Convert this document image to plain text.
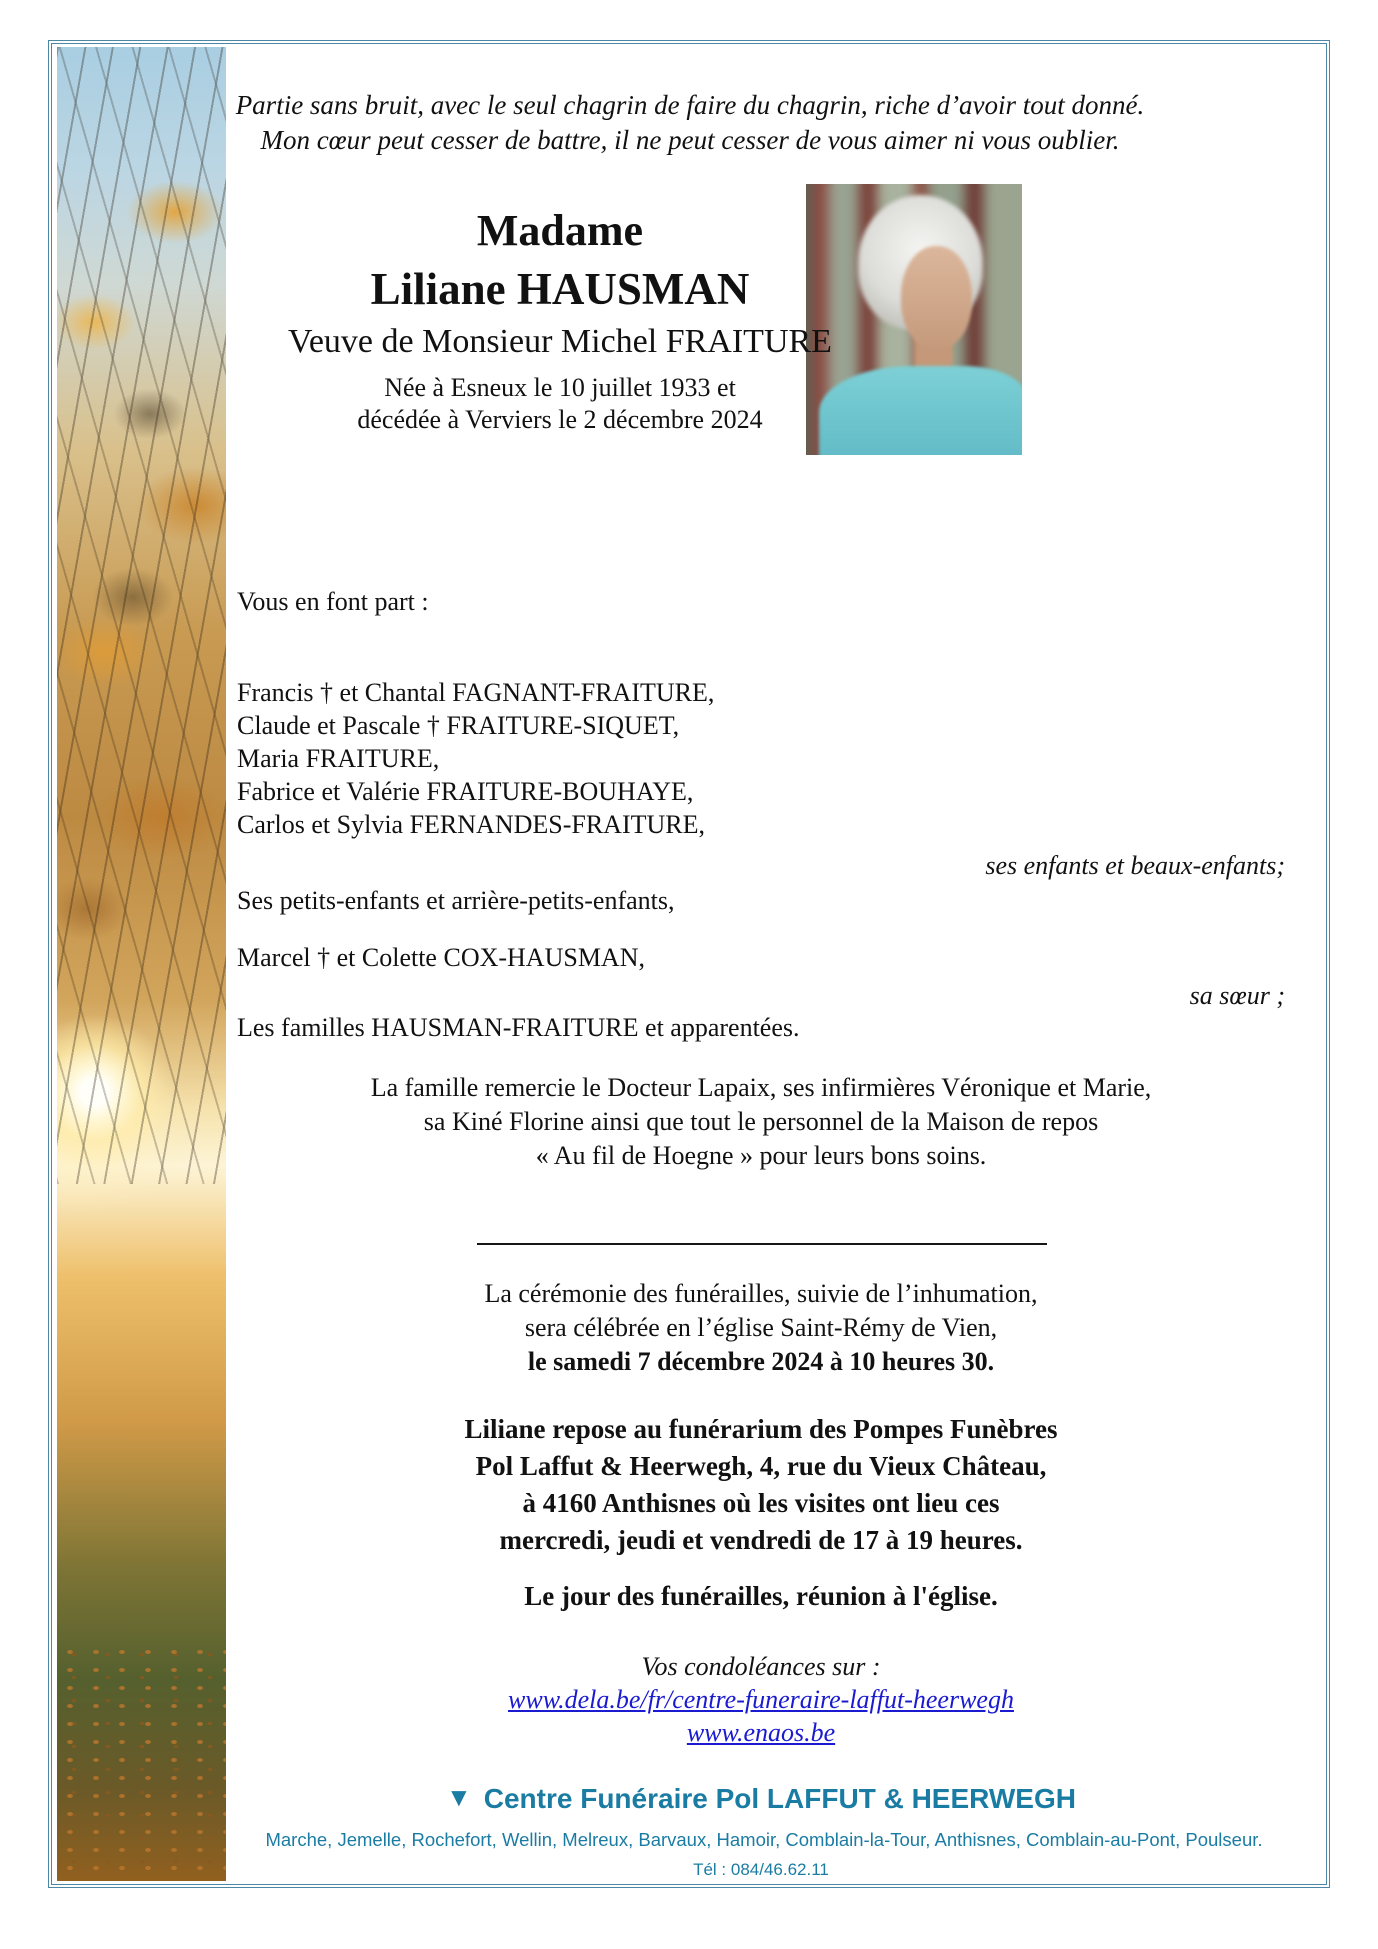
Partie sans bruit, avec le seul chagrin de faire du chagrin, riche d’avoir tout donné.
Mon cœur peut cesser de battre, il ne peut cesser de vous aimer ni vous oublier.
Madame
Liliane HAUSMAN
Veuve de Monsieur Michel FRAITURE
Née à Esneux le 10 juillet 1933 et
décédée à Verviers le 2 décembre 2024
Vous en font part :
Francis † et Chantal FAGNANT-FRAITURE,
Claude et Pascale † FRAITURE-SIQUET,
Maria FRAITURE,
Fabrice et Valérie FRAITURE-BOUHAYE,
Carlos et Sylvia FERNANDES-FRAITURE,
ses enfants et beaux-enfants;
Ses petits-enfants et arrière-petits-enfants,
Marcel † et Colette COX-HAUSMAN,
sa sœur ;
Les familles HAUSMAN-FRAITURE et apparentées.
La famille remercie le Docteur Lapaix, ses infirmières Véronique et Marie,
sa Kiné Florine ainsi que tout le personnel de la Maison de repos
« Au fil de Hoegne » pour leurs bons soins.
La cérémonie des funérailles, suivie de l’inhumation,
sera célébrée en l’église Saint-Rémy de Vien,
le samedi 7 décembre 2024 à 10 heures 30.
Liliane repose au funérarium des Pompes Funèbres
Pol Laffut & Heerwegh, 4, rue du Vieux Château,
à 4160 Anthisnes où les visites ont lieu ces
mercredi, jeudi et vendredi de 17 à 19 heures.
Le jour des funérailles, réunion à l'église.
Vos condoléances sur :
www.dela.be/fr/centre-funeraire-laffut-heerwegh
www.enaos.be
▼ Centre Funéraire Pol LAFFUT & HEERWEGH
Marche, Jemelle, Rochefort, Wellin, Melreux, Barvaux, Hamoir, Comblain-la-Tour, Anthisnes, Comblain-au-Pont, Poulseur.
Tél : 084/46.62.11
